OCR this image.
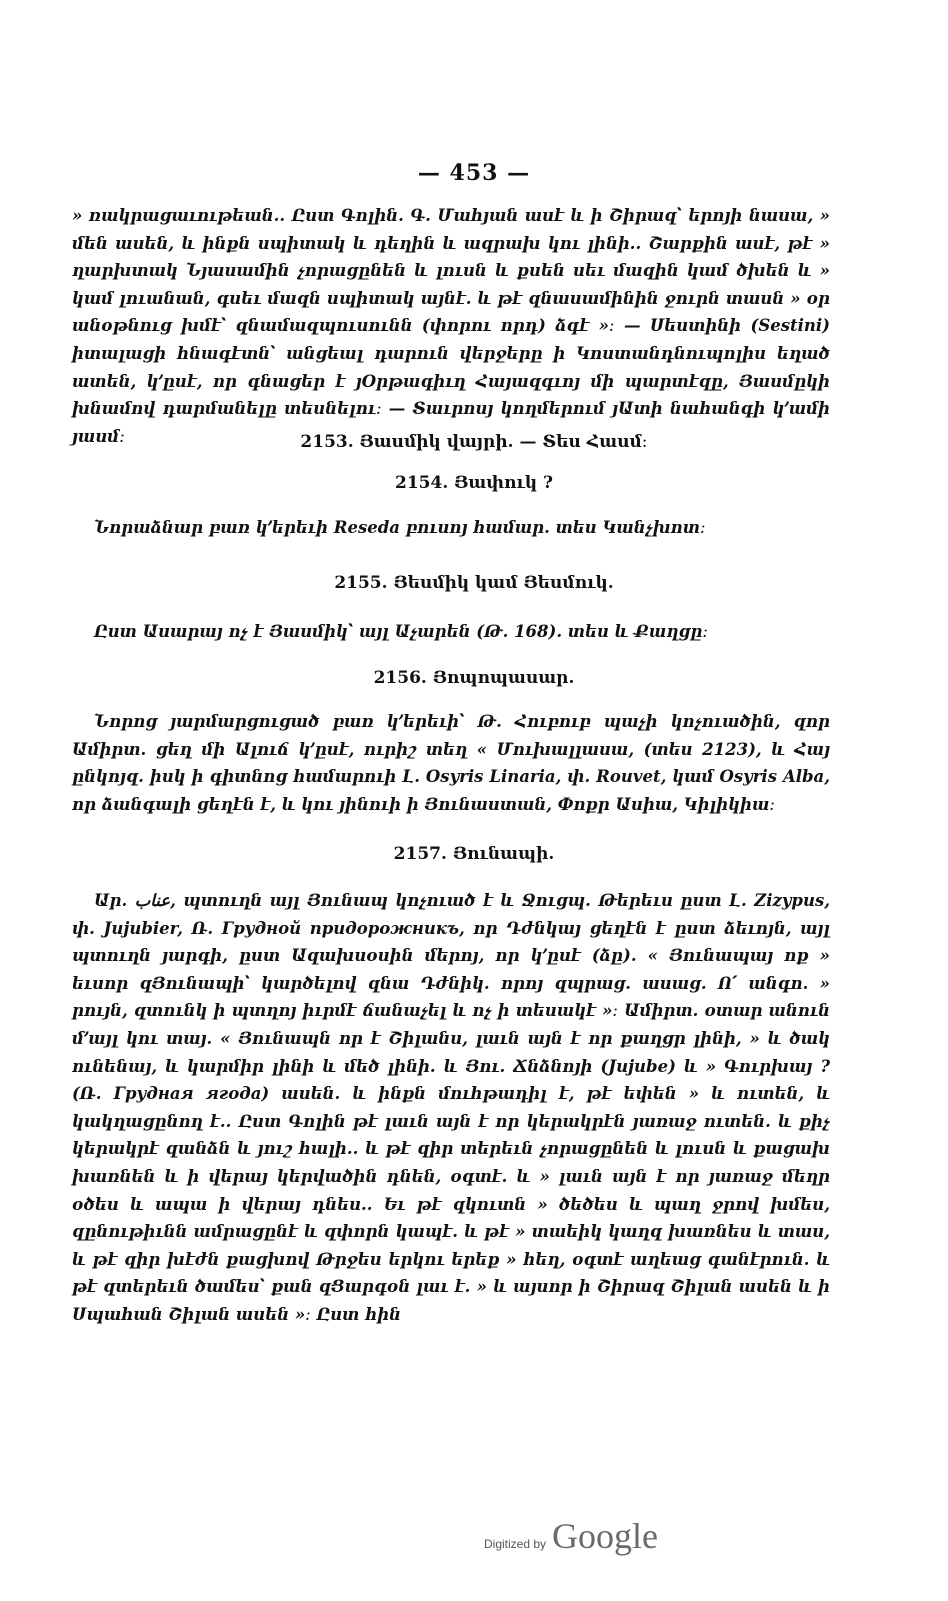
— 453 —

» ռակրացաւութեան․․ Ըստ Գոլին․ Գ․ Մահյան ասէ և ի Շիրազ՝ երոյի նասա, » մեն ասեն, և ինքն սպիտակ և դեղին և ազրախ կու լինի․․ Շարքին ասէ, թէ » ղարխտակ Նյասամին չորացընեն և լուսն և քսեն սեւ մազին կամ ծխեն և » կամ լուանան, գսեւ մազն սպիտակ այնէ․ և թէ զնասամինին ջուրն տասն » օր անօթնուց խմէ՝ զնամազպուսունն (փորու որդ) ձգէ »։ — Սեստինի (Sestini) իտալացի հնագէտն՝ անցեալ դարուն վերջերը ի Կոստանդնուպոլիս եղած ատեն, կ՚ըսէ, որ գնացեր է յՕրթագիւղ Հայազգւոյ մի պարտէզը, Յասմըկի խնամով դարմանելը տեսնելու։ — Տաւրոսյ կողմերում յԱտի նահանգի կ՚ամի յասմ։	2153․ Յասմիկ վայրի․ — Տես Հասմ։
2154․ Յափուկ ?

Նորաձնար բառ կ՚երեւի Reseda բուսոյ համար․ տես Կանչխոտ։

2155․ Յեսմիկ կամ Յեսմուկ․

Ըստ Ասարայ ոչ է Յասմիկ՝ այլ Աչարեն (Թ․ 168)․ տես և Քաղցը։

2156․ Յոպոպասար․

Նորոց յարմարցուցած բառ կ՚երեւի՝ Թ․ Հուբուբ պաչի կոչուածին, զոր Ամիրտ․ ցեղ մի Ալուճ կ՚ըսէ, ուրիշ տեղ « Մուխալլասա, (տես 2123), և Հայ ընկոյզ․ իսկ ի գիտնոց համարուի Լ․ Osyris Linaria, փ․ Rouvet, կամ Osyris Alba, որ ձանգալի ցեղէն է, և կու յինուի ի Յունաստան, Փոքր Ասիա, Կիլիկիա։

2157․ Յունապի․

Ար․ عناب, պտուղն այլ Յունապ կոչուած է և Ջուցպ․ Թերեւս ըստ Լ․ Zizypus, փ․ Jujubier, Ռ․ Грудной придорожникъ, որ Դժնկայ ցեղէն է ըստ ձեւոյն, այլ պտուղն յարգի, ըստ Ազախսօսին մերոյ, որ կ՚ըսէ (ձը)․ « Յունապայ ոք » եւսոր զՅունապի՝ կարծելով զնա Դժնիկ․ որոյ զպրաց․ ասաց․ Ո՛ անգո․ » րույն, զտունկ ի պտղոյ իւրմէ ճանաչել և ոչ ի տեսակէ »։ Ամիրտ․ օտար անուն մ՚այլ կու տայ․ « Յունապն որ է Շիլանս, լաւն այն է որ քաղցր լինի, » և ծակ ունենայ, և կարմիր լինի և մեծ լինի․ և Յու․ Ճնձնոյի (Jujube) և » Գուրխայ ? (Ռ․ Грудная ягода) ասեն․ և ինքն մուհթադիլ է, թէ եփեն » և ուտեն, և կակղացընող է․․ Ըստ Գոլին թէ լաւն այն է որ կերակրէն յառաջ ուտեն․ և քիչ կերակրէ զանձն և յուշ հալի․․ և թէ զիր տերեւն չորացընեն և լուսն և քացախ խառնեն և ի վերայ կերվածին դնեն, օգտէ․ և » լաւն այն է որ յառաջ մեղր օծես և ապա ի վերայ դնես․․ Եւ թէ զկուտն » ծեծես և պաղ ջրով խմես, զընութիւնն ամրացընէ և զփորն կապէ․ և թէ » տաեիկ կաղզ խառնես և տաս, և թէ զիր խէժն քացխով Թրջես երկու երեք » հեղ, օգտէ աղեաց գանէրուն․ և թէ զտերեւն ծամես՝ քան զՑարգօն լաւ է․ » և այսոր ի Շիրազ Շիլան ասեն և ի Սպահան Շիլան ասեն »։ Ըստ հին

Digitized by Google
